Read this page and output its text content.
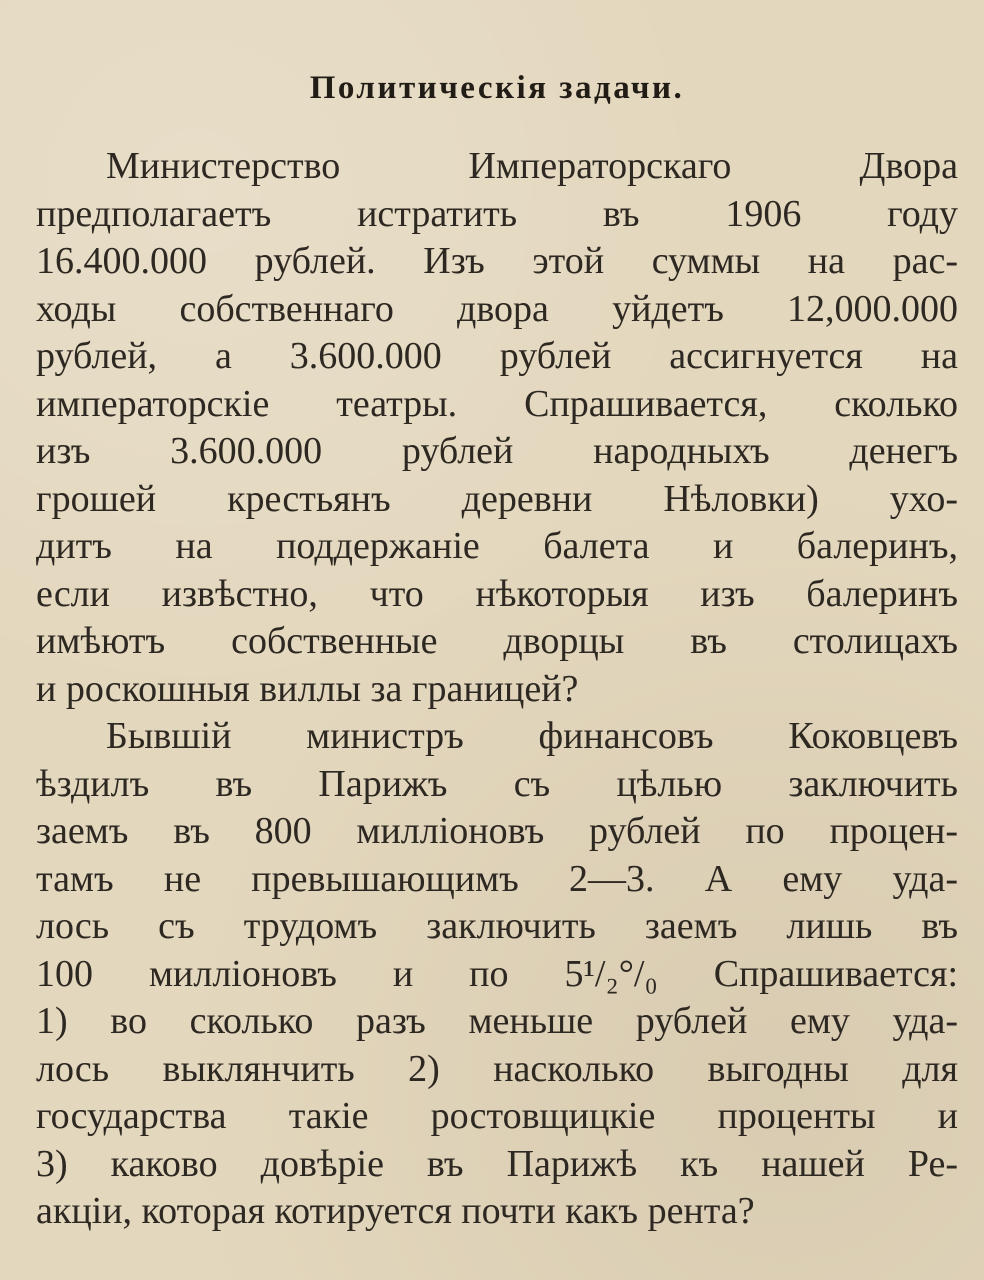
Политическія задачи.
Министерство Императорскаго Двора
предполагаетъ истратить въ 1906 году
16.400.000 рублей. Изъ этой суммы на рас-
ходы собственнаго двора уйдетъ 12,000.000
рублей, а 3.600.000 рублей ассигнуется на
императорскіе театры. Спрашивается, сколько
изъ 3.600.000 рублей народныхъ денегъ
грошей крестьянъ деревни Нѣловки) ухо-
дитъ на поддержаніе балета и балеринъ,
если извѣстно, что нѣкоторыя изъ балеринъ
имѣютъ собственные дворцы въ столицахъ
и роскошныя виллы за границей?
Бывшій министръ финансовъ Коковцевъ
ѣздилъ въ Парижъ съ цѣлью заключить
заемъ въ 800 милліоновъ рублей по процен-
тамъ не превышающимъ 2—3. А ему уда-
лось съ трудомъ заключить заемъ лишь въ
100 милліоновъ и по 5¹/₂°/₀ Спрашивается:
1) во сколько разъ меньше рублей ему уда-
лось выклянчить 2) насколько выгодны для
государства такіе ростовщицкіе проценты и
3) каково довѣріе въ Парижѣ къ нашей Ре-
акціи, которая котируется почти какъ рента?
